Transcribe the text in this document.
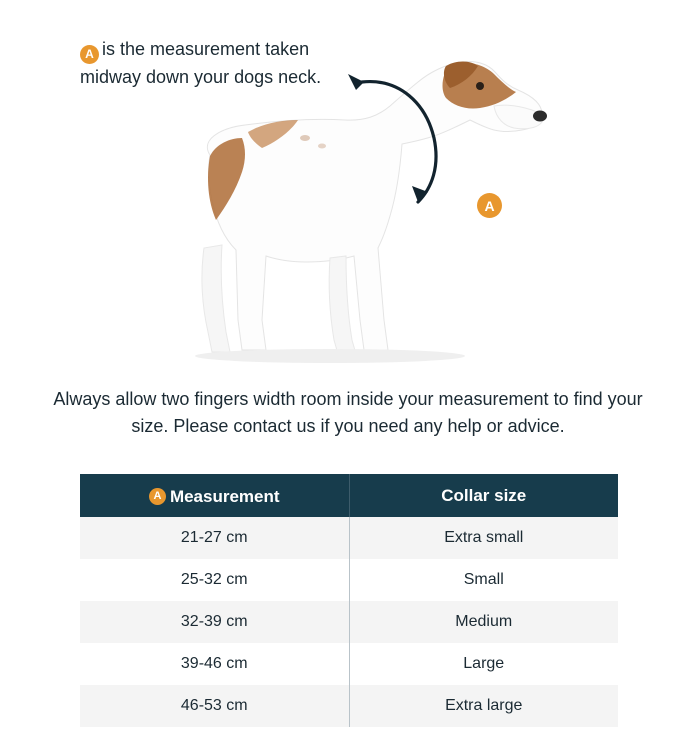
A is the measurement taken midway down your dogs neck.
A
Always allow two fingers width room inside your measurement to find your size. Please contact us if you need any help or advice.
A Measurement	Collar size
21-27 cm	Extra small
25-32 cm	Small
32-39 cm	Medium
39-46 cm	Large
46-53 cm	Extra large
